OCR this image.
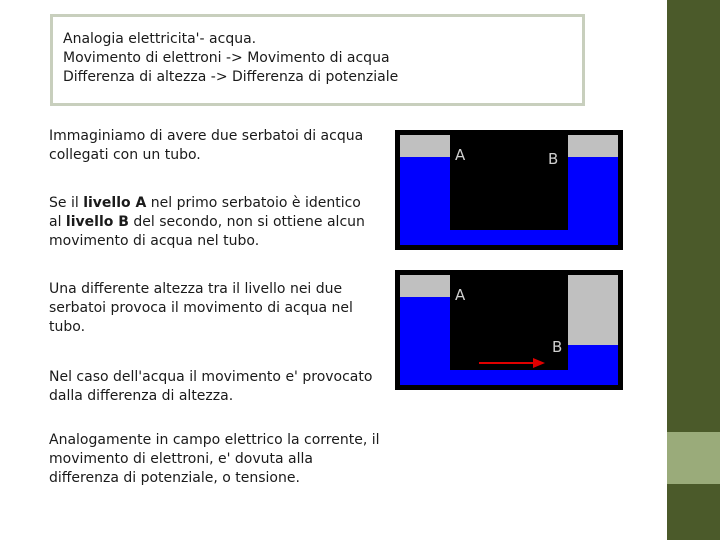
Analogia elettricita'- acqua.

Movimento di elettroni -> Movimento di acqua

Differenza di altezza -> Differenza di potenziale

Immaginiamo di avere due serbatoi di acqua
collegati con un tubo.
Se il livello A nel primo serbatoio è identico
al livello B del secondo, non si ottiene alcun
movimento di acqua nel tubo.
Una differente altezza tra il livello nei due
serbatoi provoca il movimento di acqua nel
tubo.
Nel caso dell'acqua il movimento e' provocato
dalla differenza di altezza.
Analogamente in campo elettrico la corrente, il
movimento di elettroni, e' dovuta alla
differenza di potenziale, o tensione.
A	B
A
B
